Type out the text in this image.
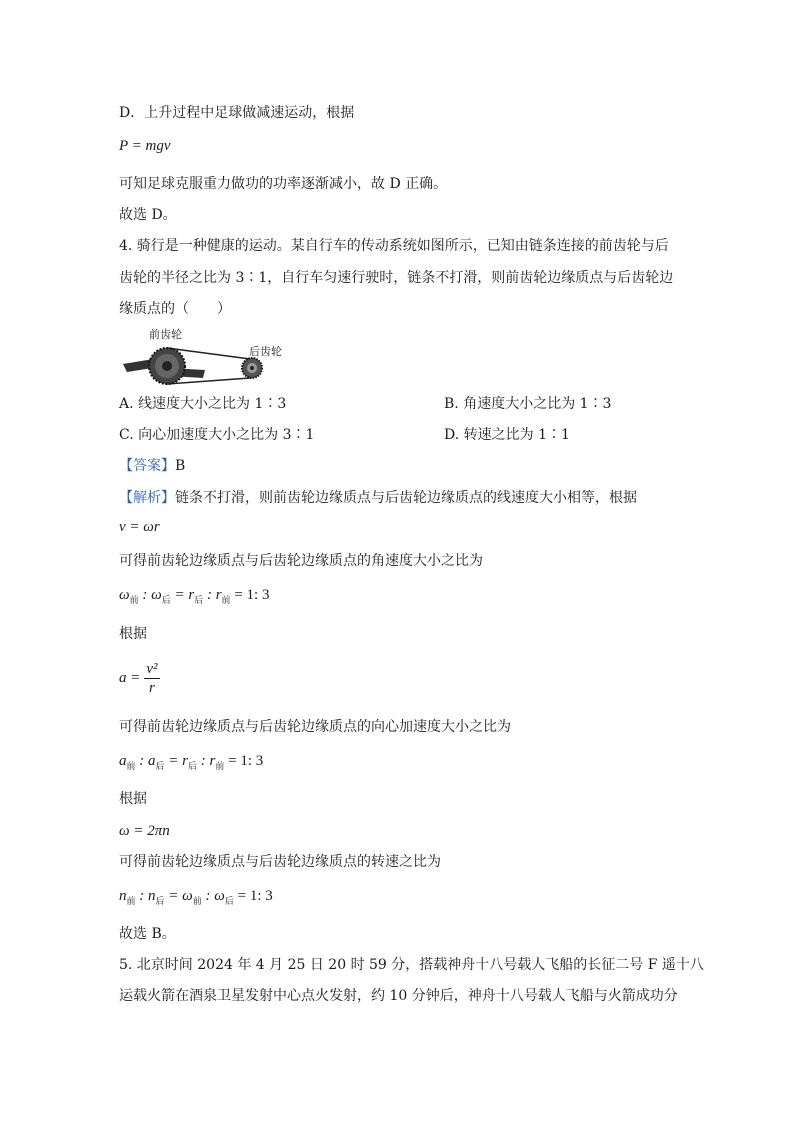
D．上升过程中足球做减速运动，根据
P = mgv
可知足球克服重力做功的功率逐渐减小，故 D 正确。
故选 D。
4. 骑行是一种健康的运动。某自行车的传动系统如图所示，已知由链条连接的前齿轮与后
齿轮的半径之比为 3∶1，自行车匀速行驶时，链条不打滑，则前齿轮边缘质点与后齿轮边
缘质点的（　　）
前齿轮
后齿轮
A. 线速度大小之比为 1∶3	B. 角速度大小之比为 1∶3
C. 向心加速度大小之比为 3∶1	D. 转速之比为 1∶1
【答案】B
【解析】链条不打滑，则前齿轮边缘质点与后齿轮边缘质点的线速度大小相等，根据
v = ωr
可得前齿轮边缘质点与后齿轮边缘质点的角速度大小之比为
$\omega_前$ : $\omega_后 = r_后$ : $r_前 = 1$: 3
根据
$a = \frac{\text{v²}}{r}$
可得前齿轮边缘质点与后齿轮边缘质点的向心加速度大小之比为
$a_前$ : $a_后 = r_后$ : $r_前 = 1$: 3
根据
ω = 2πn
可得前齿轮边缘质点与后齿轮边缘质点的转速之比为
$n_前$ : $n_后 = \omega_前$ : $\omega_后 = 1$: 3
故选 B。
5. 北京时间 2024 年 4 月 25 日 20 时 59 分，搭载神舟十八号载人飞船的长征二号 F 遥十八
运载火箭在酒泉卫星发射中心点火发射，约 10 分钟后，神舟十八号载人飞船与火箭成功分
